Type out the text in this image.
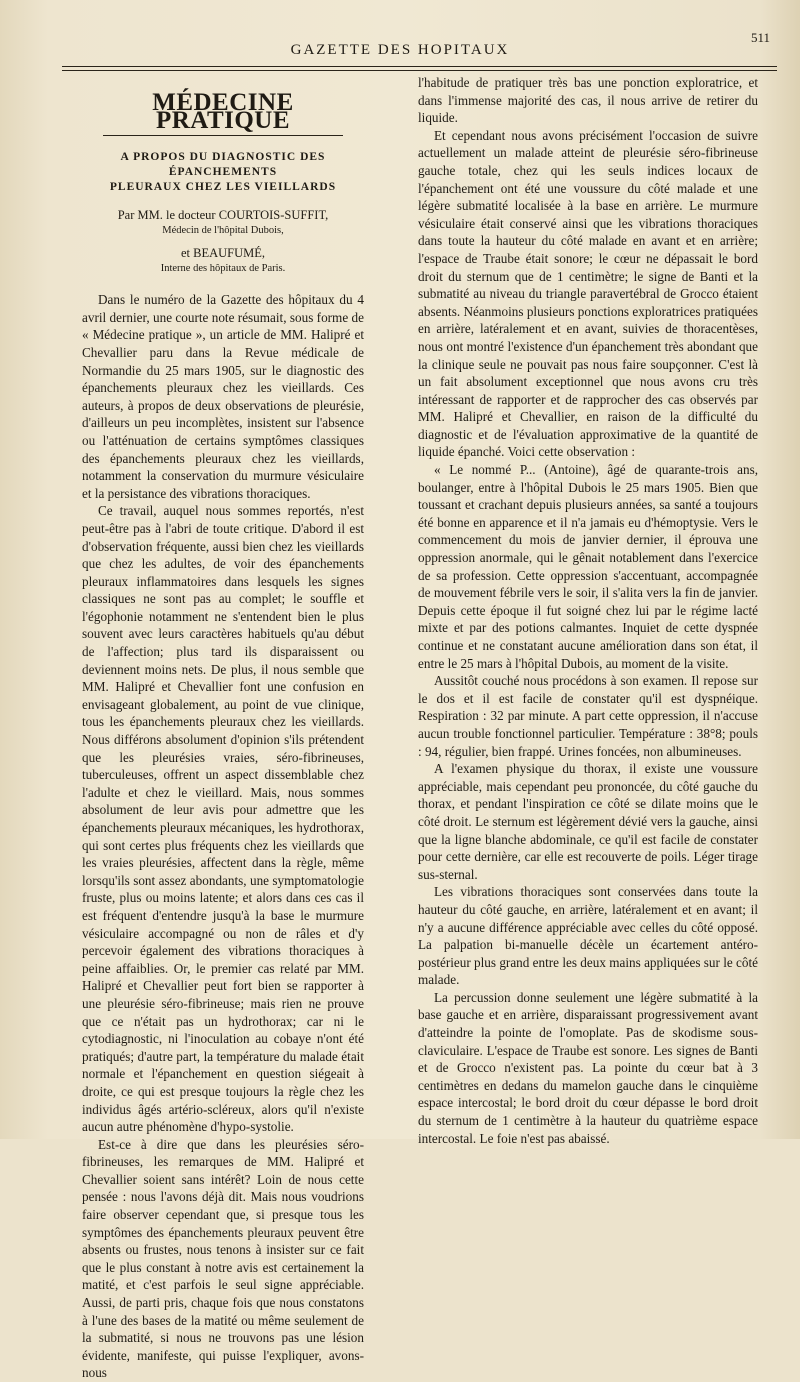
GAZETTE DES HOPITAUX
511
MÉDECINE PRATIQUE
A PROPOS DU DIAGNOSTIC DES ÉPANCHEMENTS
PLEURAUX CHEZ LES VIEILLARDS

Par MM. le docteur COURTOIS-SUFFIT,

Médecin de l'hôpital Dubois,

et BEAUFUMÉ,

Interne des hôpitaux de Paris.

Dans le numéro de la Gazette des hôpitaux du 4 avril dernier, une courte note résumait, sous forme de « Médecine pratique », un article de MM. Halipré et Chevallier paru dans la Revue médicale de Normandie du 25 mars 1905, sur le diagnostic des épanchements pleuraux chez les vieillards. Ces auteurs, à propos de deux observations de pleurésie, d'ailleurs un peu incomplètes, insistent sur l'absence ou l'atténuation de certains symptômes classiques des épanchements pleuraux chez les vieillards, notamment la conservation du murmure vésiculaire et la persistance des vibrations thoraciques.

Ce travail, auquel nous sommes reportés, n'est peut-être pas à l'abri de toute critique. D'abord il est d'observation fréquente, aussi bien chez les vieillards que chez les adultes, de voir des épanchements pleuraux inflammatoires dans lesquels les signes classiques ne sont pas au complet; le souffle et l'égophonie notamment ne s'entendent bien le plus souvent avec leurs caractères habituels qu'au début de l'affection; plus tard ils disparaissent ou deviennent moins nets. De plus, il nous semble que MM. Halipré et Chevallier font une confusion en envisageant globalement, au point de vue clinique, tous les épanchements pleuraux chez les vieillards. Nous différons absolument d'opinion s'ils prétendent que les pleurésies vraies, séro-fibrineuses, tuberculeuses, offrent un aspect dissemblable chez l'adulte et chez le vieillard. Mais, nous sommes absolument de leur avis pour admettre que les épanchements pleuraux mécaniques, les hydrothorax, qui sont certes plus fréquents chez les vieillards que les vraies pleurésies, affectent dans la règle, même lorsqu'ils sont assez abondants, une symptomatologie fruste, plus ou moins latente; et alors dans ces cas il est fréquent d'entendre jusqu'à la base le murmure vésiculaire accompagné ou non de râles et d'y percevoir également des vibrations thoraciques à peine affaiblies. Or, le premier cas relaté par MM. Halipré et Chevallier peut fort bien se rapporter à une pleurésie séro-fibrineuse; mais rien ne prouve que ce n'était pas un hydrothorax; car ni le cytodiagnostic, ni l'inoculation au cobaye n'ont été pratiqués; d'autre part, la température du malade était normale et l'épanchement en question siégeait à droite, ce qui est presque toujours la règle chez les individus âgés artério-scléreux, alors qu'il n'existe aucun autre phénomène d'hypo-systolie.

Est-ce à dire que dans les pleurésies séro-fibrineuses, les remarques de MM. Halipré et Chevallier soient sans intérêt? Loin de nous cette pensée : nous l'avons déjà dit. Mais nous voudrions faire observer cependant que, si presque tous les symptômes des épanchements pleuraux peuvent être absents ou frustes, nous tenons à insister sur ce fait que le plus constant à notre avis est certainement la matité, et c'est parfois le seul signe appréciable. Aussi, de parti pris, chaque fois que nous constatons à l'une des bases de la matité ou même seulement de la submatité, si nous ne trouvons pas une lésion évidente, manifeste, qui puisse l'expliquer, avons-nous

l'habitude de pratiquer très bas une ponction exploratrice, et dans l'immense majorité des cas, il nous arrive de retirer du liquide.

Et cependant nous avons précisément l'occasion de suivre actuellement un malade atteint de pleurésie séro-fibrineuse gauche totale, chez qui les seuls indices locaux de l'épanchement ont été une voussure du côté malade et une légère submatité localisée à la base en arrière. Le murmure vésiculaire était conservé ainsi que les vibrations thoraciques dans toute la hauteur du côté malade en avant et en arrière; l'espace de Traube était sonore; le cœur ne dépassait le bord droit du sternum que de 1 centimètre; le signe de Banti et la submatité au niveau du triangle paravertébral de Grocco étaient absents. Néanmoins plusieurs ponctions exploratrices pratiquées en arrière, latéralement et en avant, suivies de thoracentèses, nous ont montré l'existence d'un épanchement très abondant que la clinique seule ne pouvait pas nous faire soupçonner. C'est là un fait absolument exceptionnel que nous avons cru très intéressant de rapporter et de rapprocher des cas observés par MM. Halipré et Chevallier, en raison de la difficulté du diagnostic et de l'évaluation approximative de la quantité de liquide épanché. Voici cette observation :

« Le nommé P... (Antoine), âgé de quarante-trois ans, boulanger, entre à l'hôpital Dubois le 25 mars 1905. Bien que toussant et crachant depuis plusieurs années, sa santé a toujours été bonne en apparence et il n'a jamais eu d'hémoptysie. Vers le commencement du mois de janvier dernier, il éprouva une oppression anormale, qui le gênait notablement dans l'exercice de sa profession. Cette oppression s'accentuant, accompagnée de mouvement fébrile vers le soir, il s'alita vers la fin de janvier. Depuis cette époque il fut soigné chez lui par le régime lacté mixte et par des potions calmantes. Inquiet de cette dyspnée continue et ne constatant aucune amélioration dans son état, il entre le 25 mars à l'hôpital Dubois, au moment de la visite.

Aussitôt couché nous procédons à son examen. Il repose sur le dos et il est facile de constater qu'il est dyspnéique. Respiration : 32 par minute. A part cette oppression, il n'accuse aucun trouble fonctionnel particulier. Température : 38°8; pouls : 94, régulier, bien frappé. Urines foncées, non albumineuses.

A l'examen physique du thorax, il existe une voussure appréciable, mais cependant peu prononcée, du côté gauche du thorax, et pendant l'inspiration ce côté se dilate moins que le côté droit. Le sternum est légèrement dévié vers la gauche, ainsi que la ligne blanche abdominale, ce qu'il est facile de constater pour cette dernière, car elle est recouverte de poils. Léger tirage sus-sternal.

Les vibrations thoraciques sont conservées dans toute la hauteur du côté gauche, en arrière, latéralement et en avant; il n'y a aucune différence appréciable avec celles du côté opposé. La palpation bi-manuelle décèle un écartement antéro-postérieur plus grand entre les deux mains appliquées sur le côté malade.

La percussion donne seulement une légère submatité à la base gauche et en arrière, disparaissant progressivement avant d'atteindre la pointe de l'omoplate. Pas de skodisme sous-claviculaire. L'espace de Traube est sonore. Les signes de Banti et de Grocco n'existent pas. La pointe du cœur bat à 3 centimètres en dedans du mamelon gauche dans le cinquième espace intercostal; le bord droit du cœur dépasse le bord droit du sternum de 1 centimètre à la hauteur du quatrième espace intercostal. Le foie n'est pas abaissé.
